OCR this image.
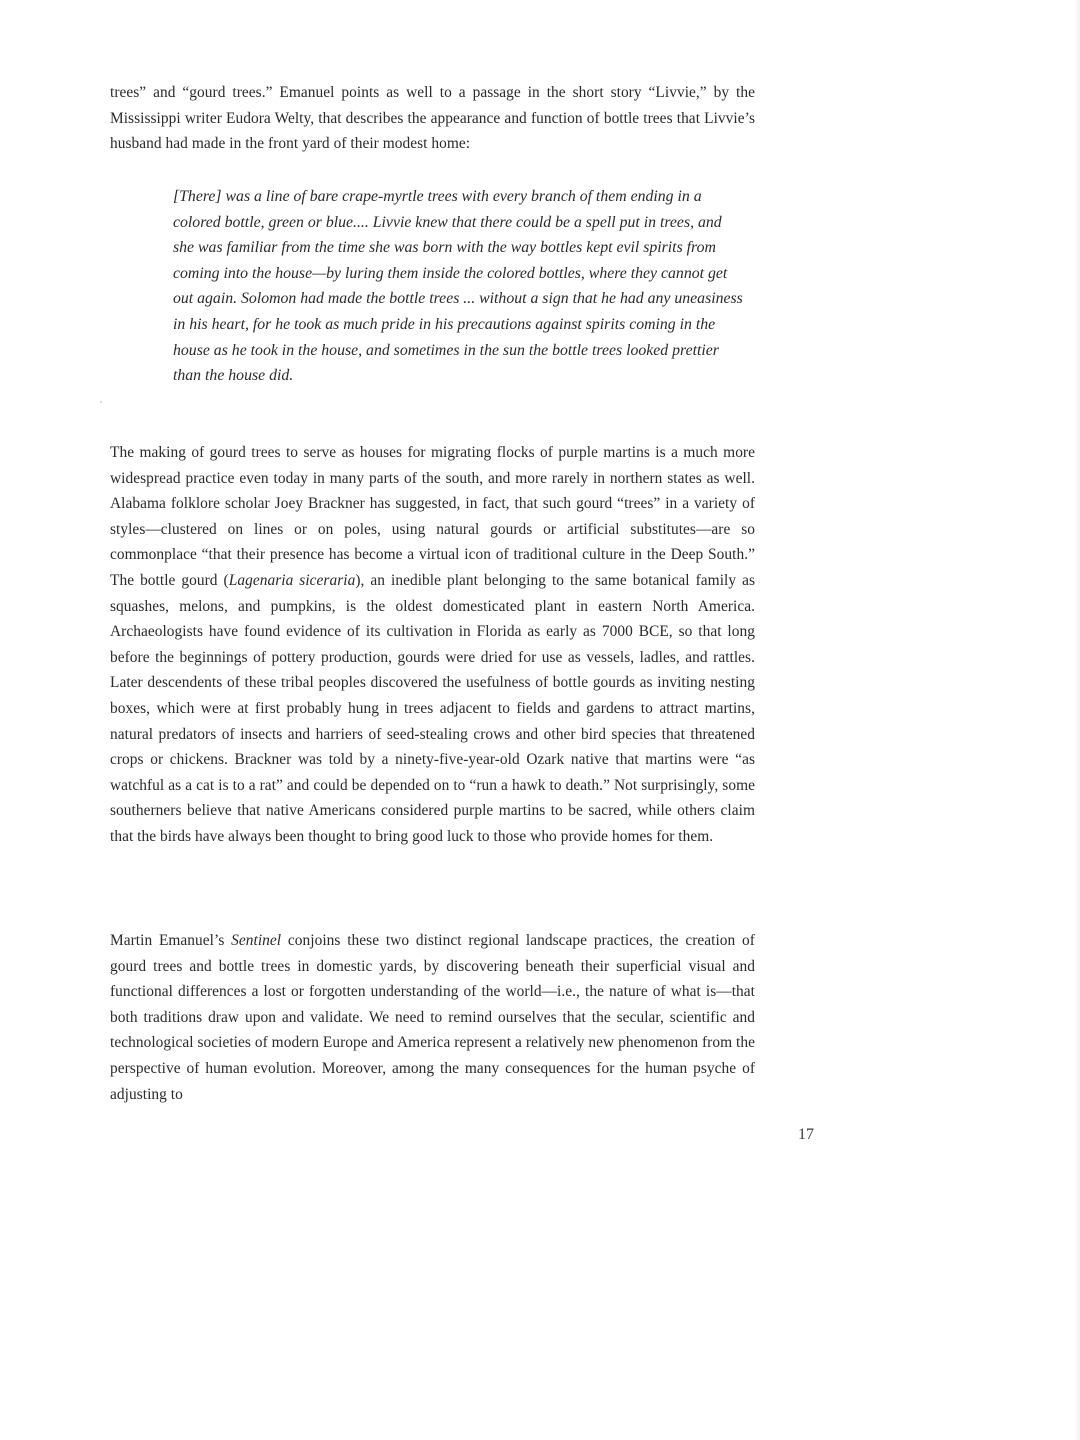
trees” and “gourd trees.” Emanuel points as well to a passage in the short story “Livvie,” by the Mississippi writer Eudora Welty, that describes the appearance and function of bottle trees that Livvie’s husband had made in the front yard of their modest home:

[There] was a line of bare crape-myrtle trees with every branch of them ending in a colored bottle, green or blue.... Livvie knew that there could be a spell put in trees, and she was familiar from the time she was born with the way bottles kept evil spirits from coming into the house—by luring them inside the colored bottles, where they cannot get out again. Solomon had made the bottle trees ... without a sign that he had any uneasiness in his heart, for he took as much pride in his precautions against spirits coming in the house as he took in the house, and sometimes in the sun the bottle trees looked prettier than the house did.

The making of gourd trees to serve as houses for migrating flocks of purple martins is a much more widespread practice even today in many parts of the south, and more rarely in northern states as well. Alabama folklore scholar Joey Brackner has suggested, in fact, that such gourd “trees” in a variety of styles—clustered on lines or on poles, using natural gourds or artificial substitutes—are so commonplace “that their presence has become a virtual icon of traditional culture in the Deep South.” The bottle gourd (Lagenaria siceraria), an inedible plant belonging to the same botanical family as squashes, melons, and pumpkins, is the oldest domesticated plant in eastern North America. Archaeologists have found evidence of its cultivation in Florida as early as 7000 BCE, so that long before the beginnings of pottery production, gourds were dried for use as vessels, ladles, and rattles. Later descendents of these tribal peoples discovered the usefulness of bottle gourds as inviting nesting boxes, which were at first probably hung in trees adjacent to fields and gardens to attract martins, natural predators of insects and harriers of seed-stealing crows and other bird species that threatened crops or chickens. Brackner was told by a ninety-five-year-old Ozark native that martins were “as watchful as a cat is to a rat” and could be depended on to “run a hawk to death.” Not surprisingly, some southerners believe that native Americans considered purple martins to be sacred, while others claim that the birds have always been thought to bring good luck to those who provide homes for them.

Martin Emanuel’s Sentinel conjoins these two distinct regional landscape practices, the creation of gourd trees and bottle trees in domestic yards, by discovering beneath their superficial visual and functional differences a lost or forgotten understanding of the world—i.e., the nature of what is—that both traditions draw upon and validate. We need to remind ourselves that the secular, scientific and technological societies of modern Europe and America represent a relatively new phenomenon from the perspective of human evolution. Moreover, among the many consequences for the human psyche of adjusting to

17
